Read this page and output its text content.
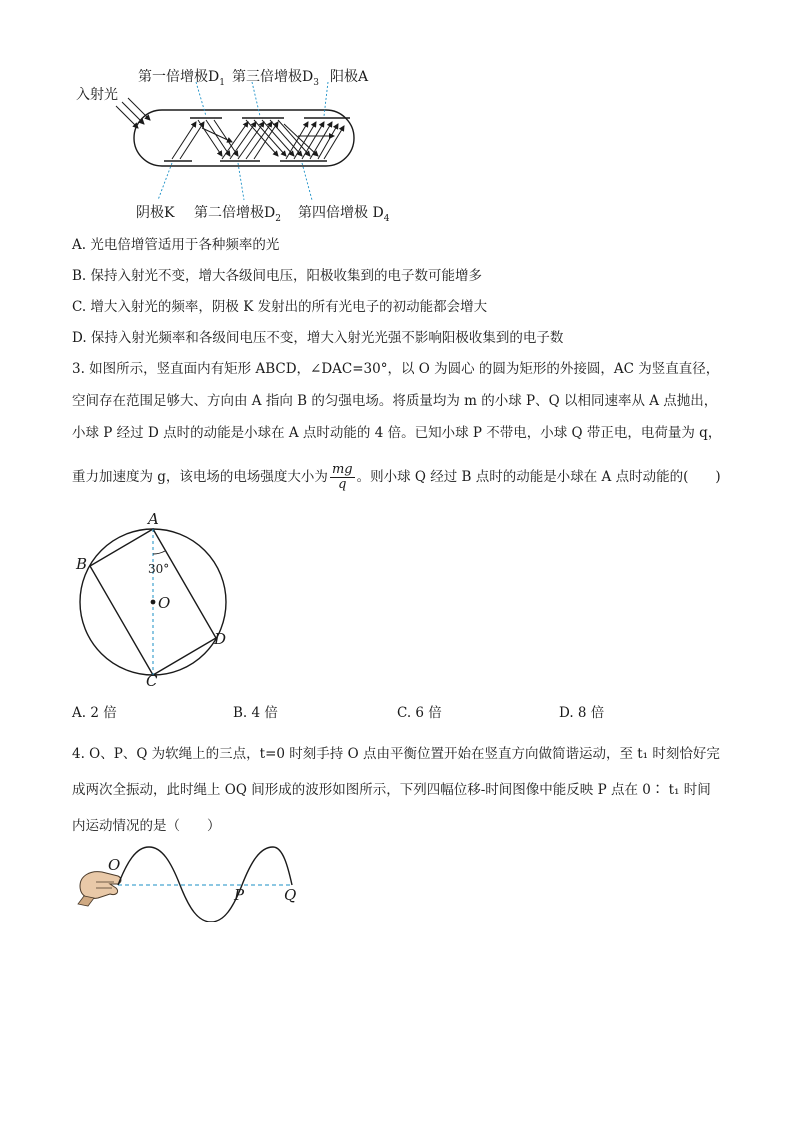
入射光
第一倍增极$D_1$ 第三倍增极$D_3$ 阳极A
阴极K 第二倍增极$D_2$ 第四倍增极 $D_4$
A. 光电倍增管适用于各种频率的光
B. 保持入射光不变，增大各级间电压，阳极收集到的电子数可能增多
C. 增大入射光的频率，阴极 K 发射出的所有光电子的初动能都会增大
D. 保持入射光频率和各级间电压不变，增大入射光光强不影响阳极收集到的电子数
3. 如图所示，竖直面内有矩形 ABCD，∠DAC=30°，以 O 为圆心 的圆为矩形的外接圆，AC 为竖直直径，
空间存在范围足够大、方向由 A 指向 B 的匀强电场。将质量均为 m 的小球 P、Q 以相同速率从 A 点抛出，
小球 P 经过 D 点时的动能是小球在 A 点时动能的 4 倍。已知小球 P 不带电，小球 Q 带正电，电荷量为 q，
重力加速度为 g，该电场的电场强度大小为 $\frac{mg}{q}$ 。则小球 Q 经过 B 点时的动能是小球在 A 点时动能的(　　)
A
B
C
D
O
30°
A. 2 倍	B. 4 倍	C. 6 倍	D. 8 倍
4. O、P、Q 为软绳上的三点，t=0 时刻手持 O 点由平衡位置开始在竖直方向做简谐运动，至 t₁ 时刻恰好完
成两次全振动，此时绳上 OQ 间形成的波形如图所示，下列四幅位移-时间图像中能反映 P 点在 0∶ t₁ 时间
内运动情况的是（　　）
O
P	Q
